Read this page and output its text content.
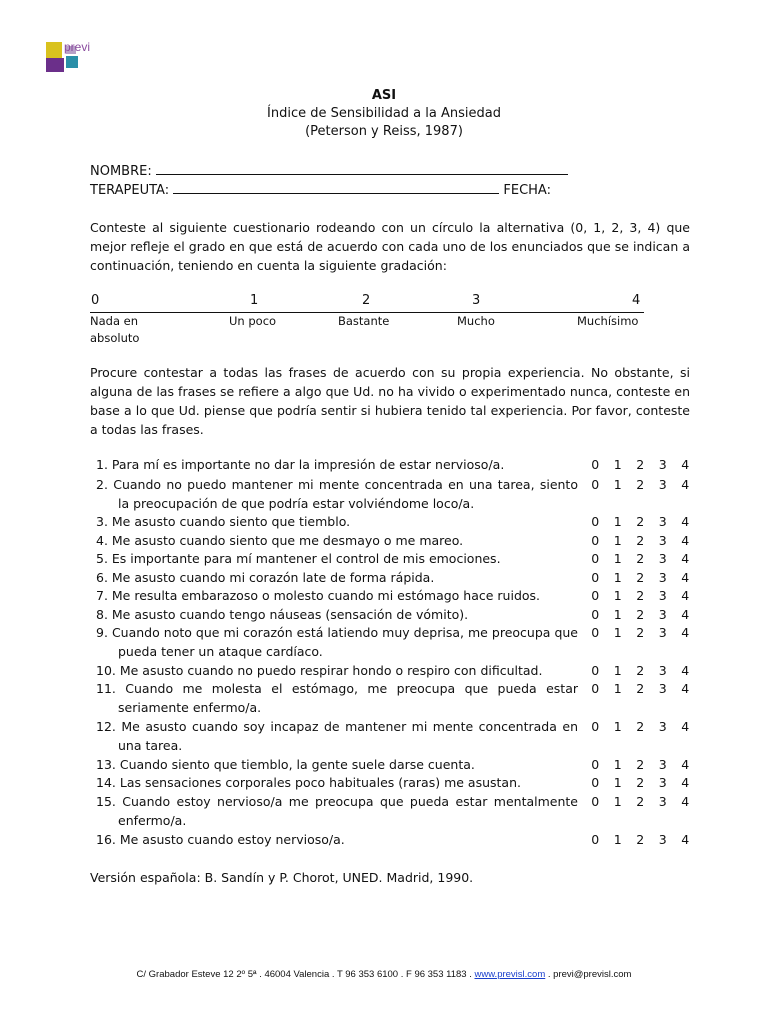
previ
ASI
Índice de Sensibilidad a la Ansiedad
(Peterson y Reiss, 1987)
NOMBRE:
TERAPEUTA:	FECHA:
Conteste al siguiente cuestionario rodeando con un círculo la alternativa (0, 1, 2, 3, 4) que mejor refleje el grado en que está de acuerdo con cada uno de los enunciados que se indican a continuación, teniendo en cuenta la siguiente gradación:
0	1	2	3	4
Nada en absoluto
Un poco	Bastante	Mucho	Muchísimo
Procure contestar a todas las frases de acuerdo con su propia experiencia. No obstante, si alguna de las frases se refiere a algo que Ud. no ha vivido o experimentado nunca, conteste en base a lo que Ud. piense que podría sentir si hubiera tenido tal experiencia. Por favor, conteste a todas las frases.
1. Para mí es importante no dar la impresión de estar nervioso/a.	0 1 2 3 4
2. Cuando no puedo mantener mi mente concentrada en una tarea, siento la preocupación de que podría estar volviéndome loco/a.
0 1 2 3 4
3. Me asusto cuando siento que tiemblo.	0 1 2 3 4
4. Me asusto cuando siento que me desmayo o me mareo.	0 1 2 3 4
5. Es importante para mí mantener el control de mis emociones.	0 1 2 3 4
6. Me asusto cuando mi corazón late de forma rápida.	0 1 2 3 4
7. Me resulta embarazoso o molesto cuando mi estómago hace ruidos.	0 1 2 3 4
8. Me asusto cuando tengo náuseas (sensación de vómito).	0 1 2 3 4
9. Cuando noto que mi corazón está latiendo muy deprisa, me preocupa que pueda tener un ataque cardíaco.
0 1 2 3 4
10. Me asusto cuando no puedo respirar hondo o respiro con dificultad.	0 1 2 3 4
11. Cuando me molesta el estómago, me preocupa que pueda estar seriamente enfermo/a.
0 1 2 3 4
12. Me asusto cuando soy incapaz de mantener mi mente concentrada en una tarea.
0 1 2 3 4
13. Cuando siento que tiemblo, la gente suele darse cuenta.	0 1 2 3 4
14. Las sensaciones corporales poco habituales (raras) me asustan.	0 1 2 3 4
15. Cuando estoy nervioso/a me preocupa que pueda estar mentalmente enfermo/a.
0 1 2 3 4
16. Me asusto cuando estoy nervioso/a.	0 1 2 3 4
Versión española: B. Sandín y P. Chorot, UNED. Madrid, 1990.
C/ Grabador Esteve 12 2º 5ª . 46004 Valencia . T 96 353 6100 . F 96 353 1183 . www.previsl.com . previ@previsl.com
